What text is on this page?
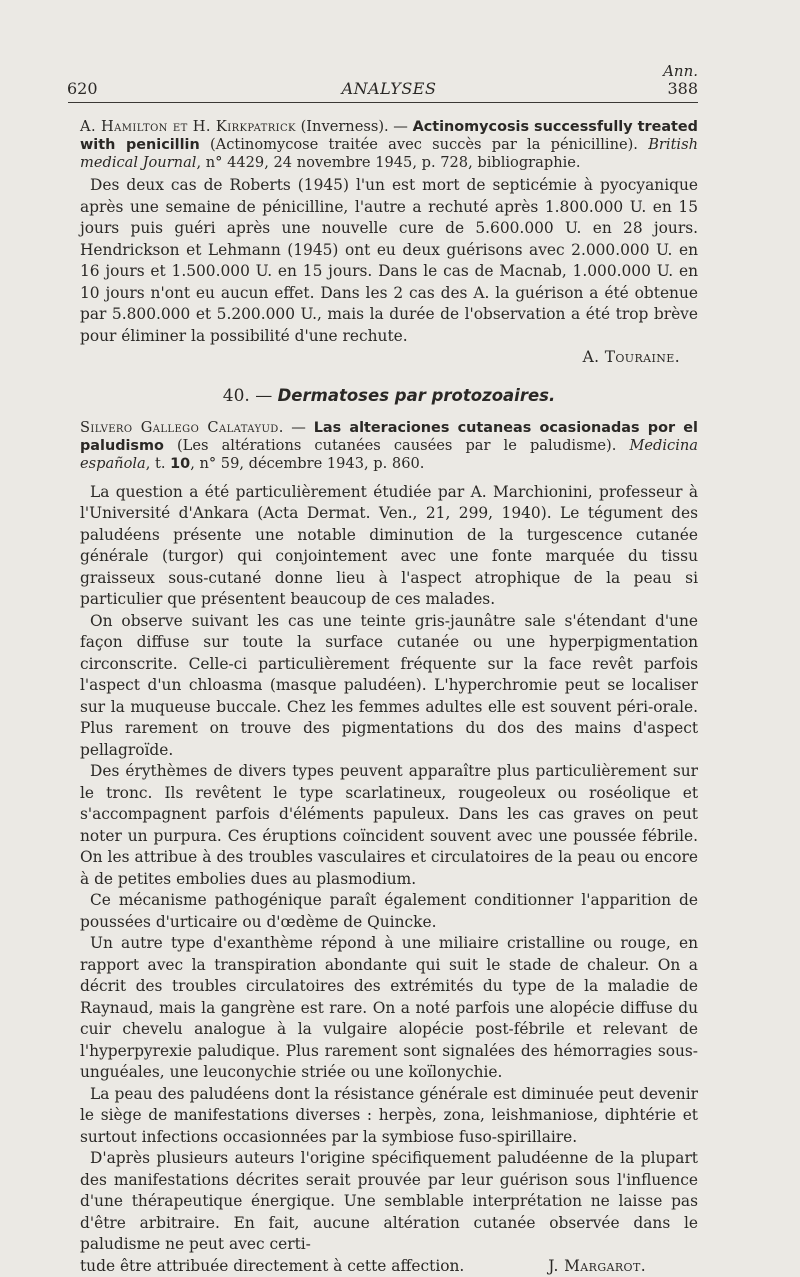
Ann.
620	ANALYSES	388

A. Hamilton et H. Kirkpatrick (Inverness). — Actinomycosis successfully treated with penicillin (Actinomycose traitée avec succès par la pénicilline). British medical Journal, n° 4429, 24 novembre 1945, p. 728, bibliographie.

Des deux cas de Roberts (1945) l'un est mort de septicémie à pyocyanique après une semaine de pénicilline, l'autre a rechuté après 1.800.000 U. en 15 jours puis guéri après une nouvelle cure de 5.600.000 U. en 28 jours. Hendrickson et Lehmann (1945) ont eu deux guérisons avec 2.000.000 U. en 16 jours et 1.500.000 U. en 15 jours. Dans le cas de Macnab, 1.000.000 U. en 10 jours n'ont eu aucun effet. Dans les 2 cas des A. la guérison a été obtenue par 5.800.000 et 5.200.000 U., mais la durée de l'observation a été trop brève pour éliminer la possibilité d'une rechute.

A. Touraine.

40. — Dermatoses par protozoaires.

Silvero Gallego Calatayud. — Las alteraciones cutaneas ocasionadas por el paludismo (Les altérations cutanées causées par le paludisme). Medicina española, t. 10, n° 59, décembre 1943, p. 860.

La question a été particulièrement étudiée par A. Marchionini, professeur à l'Université d'Ankara (Acta Dermat. Ven., 21, 299, 1940). Le tégument des paludéens présente une notable diminution de la turgescence cutanée générale (turgor) qui conjointement avec une fonte marquée du tissu graisseux sous-cutané donne lieu à l'aspect atrophique de la peau si particulier que présentent beaucoup de ces malades.

On observe suivant les cas une teinte gris-jaunâtre sale s'étendant d'une façon diffuse sur toute la surface cutanée ou une hyperpigmentation circonscrite. Celle-ci particulièrement fréquente sur la face revêt parfois l'aspect d'un chloasma (masque paludéen). L'hyperchromie peut se localiser sur la muqueuse buccale. Chez les femmes adultes elle est souvent péri-orale. Plus rarement on trouve des pigmentations du dos des mains d'aspect pellagroïde.

Des érythèmes de divers types peuvent apparaître plus particulièrement sur le tronc. Ils revêtent le type scarlatineux, rougeoleux ou roséolique et s'accompagnent parfois d'éléments papuleux. Dans les cas graves on peut noter un purpura. Ces éruptions coïncident souvent avec une poussée fébrile. On les attribue à des troubles vasculaires et circulatoires de la peau ou encore à de petites embolies dues au plasmodium.

Ce mécanisme pathogénique paraît également conditionner l'apparition de poussées d'urticaire ou d'œdème de Quincke.

Un autre type d'exanthème répond à une miliaire cristalline ou rouge, en rapport avec la transpiration abondante qui suit le stade de chaleur. On a décrit des troubles circulatoires des extrémités du type de la maladie de Raynaud, mais la gangrène est rare. On a noté parfois une alopécie diffuse du cuir chevelu analogue à la vulgaire alopécie post-fébrile et relevant de l'hyperpyrexie paludique. Plus rarement sont signalées des hémorragies sous-unguéales, une leuconychie striée ou une koïlonychie.

La peau des paludéens dont la résistance générale est diminuée peut devenir le siège de manifestations diverses : herpès, zona, leishmaniose, diphtérie et surtout infections occasionnées par la symbiose fuso-spirillaire.

D'après plusieurs auteurs l'origine spécifiquement paludéenne de la plupart des manifestations décrites serait prouvée par leur guérison sous l'influence d'une thérapeutique énergique. Une semblable interprétation ne laisse pas d'être arbitraire. En fait, aucune altération cutanée observée dans le paludisme ne peut avec certi-

tude être attribuée directement à cette affection.	J. Margarot.
